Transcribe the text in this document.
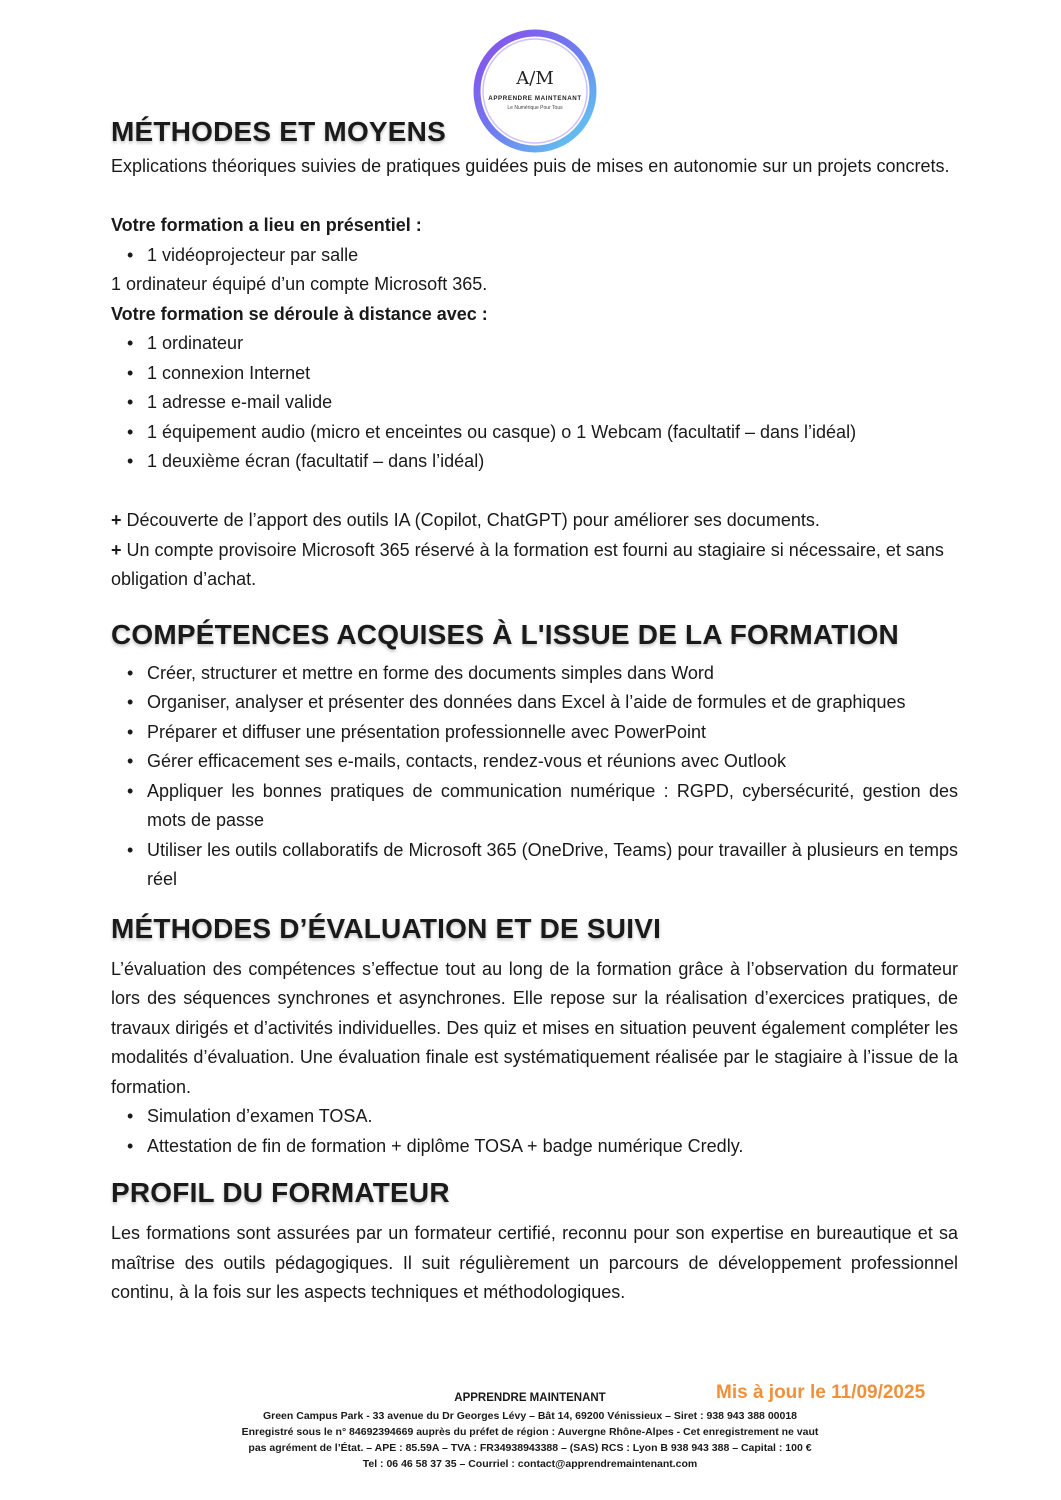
A/M
APPRENDRE MAINTENANT
Le Numérique Pour Tous
MÉTHODES ET MOYENS

Explications théoriques suivies de pratiques guidées puis de mises en autonomie sur un projets concrets.

Votre formation a lieu en présentiel :

• 1 vidéoprojecteur par salle

1 ordinateur équipé d’un compte Microsoft 365.

Votre formation se déroule à distance avec :

• 1 ordinateur
• 1 connexion Internet
• 1 adresse e-mail valide
• 1 équipement audio (micro et enceintes ou casque) o 1 Webcam (facultatif – dans l’idéal)
• 1 deuxième écran (facultatif – dans l’idéal)

+ Découverte de l’apport des outils IA (Copilot, ChatGPT) pour améliorer ses documents.

+ Un compte provisoire Microsoft 365 réservé à la formation est fourni au stagiaire si nécessaire, et sans obligation d’achat.

COMPÉTENCES ACQUISES À L'ISSUE DE LA FORMATION
• Créer, structurer et mettre en forme des documents simples dans Word
• Organiser, analyser et présenter des données dans Excel à l’aide de formules et de graphiques
• Préparer et diffuser une présentation professionnelle avec PowerPoint
• Gérer efficacement ses e-mails, contacts, rendez-vous et réunions avec Outlook
• Appliquer les bonnes pratiques de communication numérique : RGPD, cybersécurité, gestion des mots de passe
• Utiliser les outils collaboratifs de Microsoft 365 (OneDrive, Teams) pour travailler à plusieurs en temps réel
MÉTHODES D’ÉVALUATION ET DE SUIVI

L’évaluation des compétences s’effectue tout au long de la formation grâce à l’observation du formateur lors des séquences synchrones et asynchrones. Elle repose sur la réalisation d’exercices pratiques, de travaux dirigés et d’activités individuelles. Des quiz et mises en situation peuvent également compléter les modalités d’évaluation. Une évaluation finale est systématiquement réalisée par le stagiaire à l’issue de la formation.

• Simulation d’examen TOSA.
• Attestation de fin de formation + diplôme TOSA + badge numérique Credly.
PROFIL DU FORMATEUR

Les formations sont assurées par un formateur certifié, reconnu pour son expertise en bureautique et sa maîtrise des outils pédagogiques. Il suit régulièrement un parcours de développement professionnel continu, à la fois sur les aspects techniques et méthodologiques.

Mis à jour le 11/09/2025
APPRENDRE MAINTENANT
Green Campus Park - 33 avenue du Dr Georges Lévy – Bât 14, 69200 Vénissieux – Siret : 938 943 388 00018
Enregistré sous le n° 84692394669 auprès du préfet de région : Auvergne Rhône-Alpes - Cet enregistrement ne vaut
pas agrément de l’État. – APE : 85.59A – TVA : FR34938943388 – (SAS) RCS : Lyon B 938 943 388 – Capital : 100 €
Tel : 06 46 58 37 35 – Courriel : contact@apprendremaintenant.com
